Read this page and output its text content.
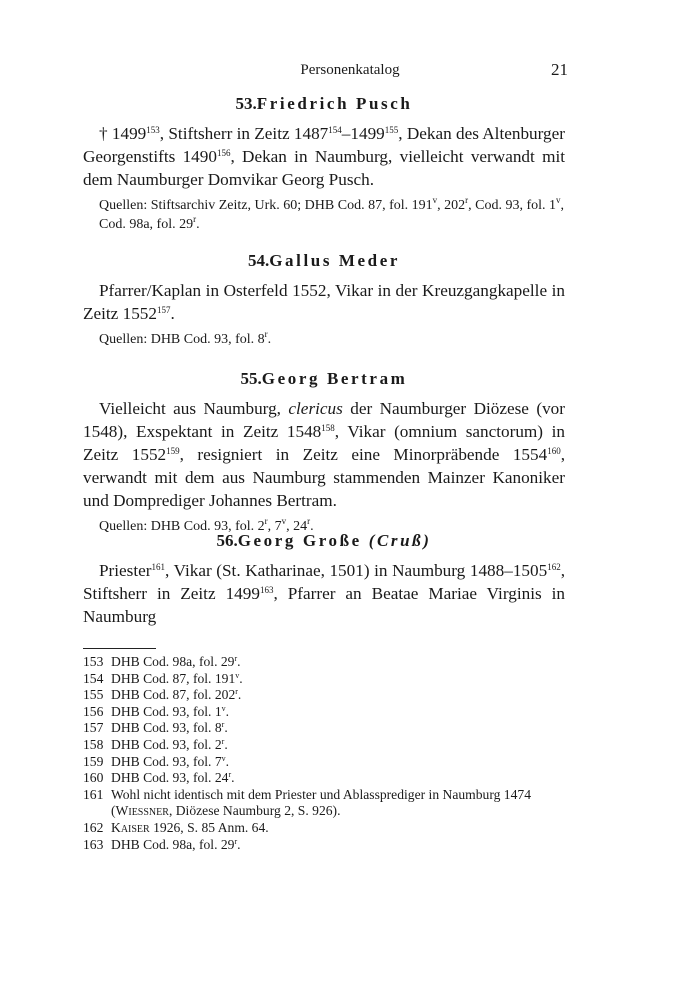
Personenkatalog	21
53.Friedrich Pusch

† 1499$^{153}$, Stiftsherr in Zeitz 1487$^{154}$–1499$^{155}$, Dekan des Altenburger Georgenstifts 1490$^{156}$, Dekan in Naumburg, vielleicht verwandt mit dem Naumburger Domvikar Georg Pusch.

Quellen: Stiftsarchiv Zeitz, Urk. 60; DHB Cod. 87, fol. 191$^v$, 202$^r$, Cod. 93, fol. 1$^v$, Cod. 98a, fol. 29$^r$.

54.Gallus Meder

Pfarrer/Kaplan in Osterfeld 1552, Vikar in der Kreuzgangkapelle in Zeitz 1552$^{157}$.

Quellen: DHB Cod. 93, fol. 8$^r$.

55.Georg Bertram

Vielleicht aus Naumburg, clericus der Naumburger Diözese (vor 1548), Exspektant in Zeitz 1548$^{158}$, Vikar (omnium sanctorum) in Zeitz 1552$^{159}$, resigniert in Zeitz eine Minorpräbende 1554$^{160}$, verwandt mit dem aus Naumburg stammenden Mainzer Kanoniker und Domprediger Johannes Bertram.

Quellen: DHB Cod. 93, fol. 2$^r$, 7$^v$, 24$^r$.

56.Georg Große (Cruß)

Priester$^{161}$, Vikar (St. Katharinae, 1501) in Naumburg 1488–1505$^{162}$, Stiftsherr in Zeitz 1499$^{163}$, Pfarrer an Beatae Mariae Virginis in Naumburg

153 DHB Cod. 98a, fol. 29$^r$.
154 DHB Cod. 87, fol. 191$^v$.
155 DHB Cod. 87, fol. 202$^r$.
156 DHB Cod. 93, fol. 1$^v$.
157 DHB Cod. 93, fol. 8$^r$.
158 DHB Cod. 93, fol. 2$^r$.
159 DHB Cod. 93, fol. 7$^v$.
160 DHB Cod. 93, fol. 24$^r$.
161 Wohl nicht identisch mit dem Priester und Ablassprediger in Naumburg 1474 (Wiessner, Diözese Naumburg 2, S. 926).
162 Kaiser 1926, S. 85 Anm. 64.
163 DHB Cod. 98a, fol. 29$^r$.
